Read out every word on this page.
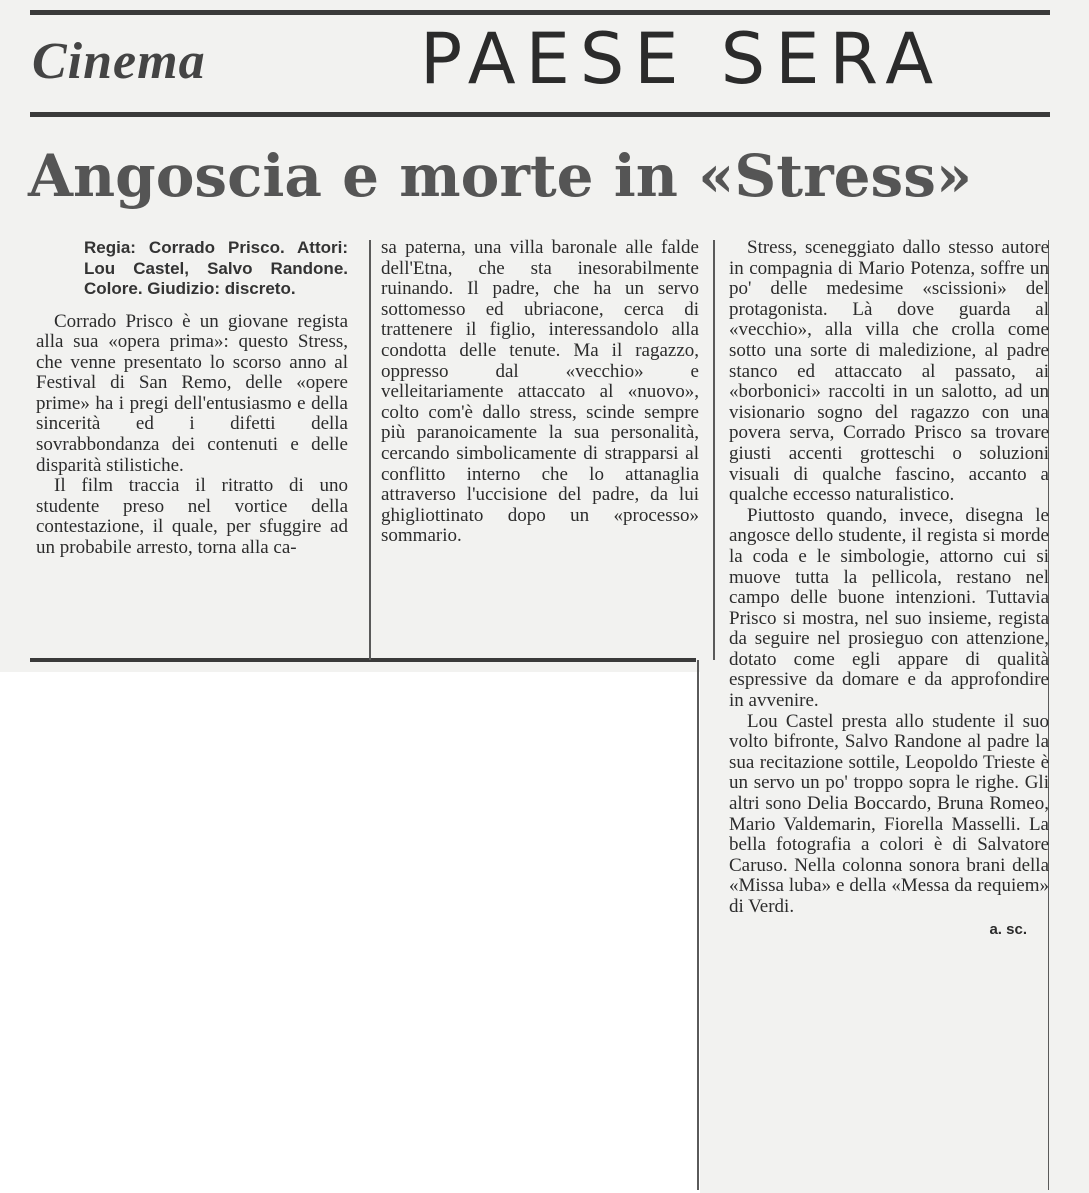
Cinema	PAESE SERA
Angoscia e morte in «Stress»
Regia: Corrado Prisco. Attori: Lou Castel, Salvo Randone. Colore. Giudizio: discreto.

Corrado Prisco è un giovane regista alla sua «opera prima»: questo Stress, che venne presentato lo scorso anno al Festival di San Remo, delle «opere prime» ha i pregi dell'entusiasmo e della sincerità ed i difetti della sovrabbondanza dei contenuti e delle disparità stilistiche.

Il film traccia il ritratto di uno studente preso nel vortice della contestazione, il quale, per sfuggire ad un probabile arresto, torna alla ca-

sa paterna, una villa baronale alle falde dell'Etna, che sta inesorabilmente ruinando. Il padre, che ha un servo sottomesso ed ubriacone, cerca di trattenere il figlio, interessandolo alla condotta delle tenute. Ma il ragazzo, oppresso dal «vecchio» e velleitariamente attaccato al «nuovo», colto com'è dallo stress, scinde sempre più paranoicamente la sua personalità, cercando simbolicamente di strapparsi al conflitto interno che lo attanaglia attraverso l'uccisione del padre, da lui ghigliottinato dopo un «processo» sommario.

Stress, sceneggiato dallo stesso autore in compagnia di Mario Potenza, soffre un po' delle medesime «scissioni» del protagonista. Là dove guarda al «vecchio», alla villa che crolla come sotto una sorte di maledizione, al padre stanco ed attaccato al passato, ai «borbonici» raccolti in un salotto, ad un visionario sogno del ragazzo con una povera serva, Corrado Prisco sa trovare giusti accenti grotteschi o soluzioni visuali di qualche fascino, accanto a qualche eccesso naturalistico.

Piuttosto quando, invece, disegna le angosce dello studente, il regista si morde la coda e le simbologie, attorno cui si muove tutta la pellicola, restano nel campo delle buone intenzioni. Tuttavia Prisco si mostra, nel suo insieme, regista da seguire nel prosieguo con attenzione, dotato come egli appare di qualità espressive da domare e da approfondire in avvenire.

Lou Castel presta allo studente il suo volto bifronte, Salvo Randone al padre la sua recitazione sottile, Leopoldo Trieste è un servo un po' troppo sopra le righe. Gli altri sono Delia Boccardo, Bruna Romeo, Mario Valdemarin, Fiorella Masselli. La bella fotografia a colori è di Salvatore Caruso. Nella colonna sonora brani della «Missa luba» e della «Messa da requiem» di Verdi.

a. sc.
